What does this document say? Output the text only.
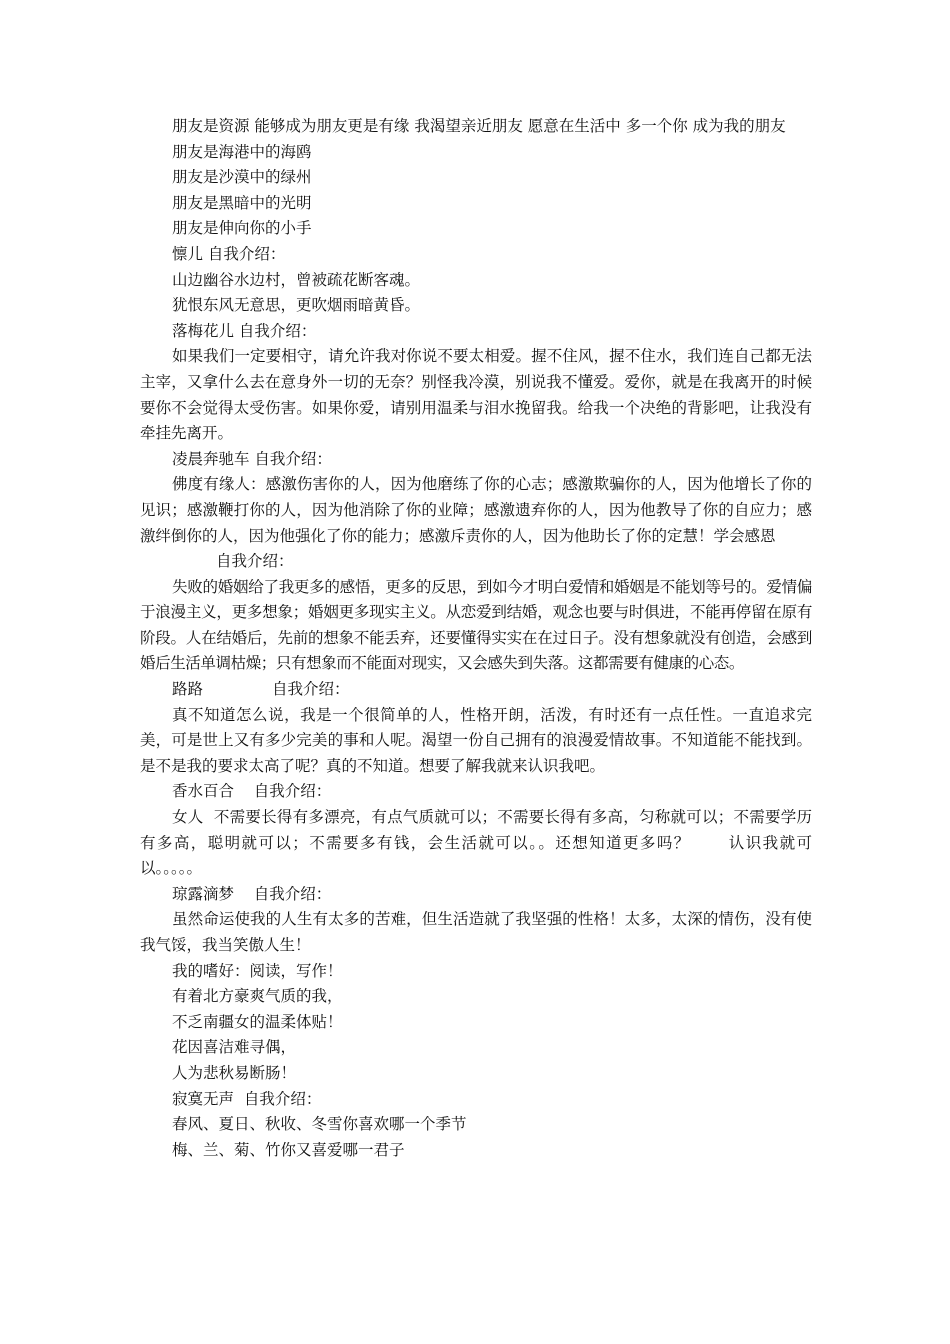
朋友是资源 能够成为朋友更是有缘 我渴望亲近朋友 愿意在生活中 多一个你 成为我的朋友

朋友是海港中的海鸥

朋友是沙漠中的绿州

朋友是黑暗中的光明

朋友是伸向你的小手

懔儿 自我介绍：

山边幽谷水边村，曾被疏花断客魂。

犹恨东风无意思，更吹烟雨暗黄昏。

落梅花儿 自我介绍：

如果我们一定要相守，请允许我对你说不要太相爱。握不住风，握不住水，我们连自己都无法主宰，又拿什么去在意身外一切的无奈？别怪我冷漠，别说我不懂爱。爱你，就是在我离开的时候要你不会觉得太受伤害。如果你爱，请别用温柔与泪水挽留我。给我一个决绝的背影吧，让我没有牵挂先离开。

凌晨奔驰车 自我介绍：

佛度有缘人：感激伤害你的人，因为他磨练了你的心志；感激欺骗你的人，因为他增长了你的见识；感激鞭打你的人，因为他消除了你的业障；感激遗弃你的人，因为他教导了你的自应力；感激绊倒你的人，因为他强化了你的能力；感激斥责你的人，因为他助长了你的定慧！学会感恩

自我介绍：

失败的婚姻给了我更多的感悟，更多的反思，到如今才明白爱情和婚姻是不能划等号的。爱情偏于浪漫主义，更多想象；婚姻更多现实主义。从恋爱到结婚，观念也要与时俱进，不能再停留在原有阶段。人在结婚后，先前的想象不能丢弃，还要懂得实实在在过日子。没有想象就没有创造，会感到婚后生活单调枯燥；只有想象而不能面对现实，又会感失到失落。这都需要有健康的心态。

路路              自我介绍：

真不知道怎么说，我是一个很简单的人，性格开朗，活泼，有时还有一点任性。一直追求完美，可是世上又有多少完美的事和人呢。渴望一份自己拥有的浪漫爱情故事。不知道能不能找到。是不是我的要求太高了呢？真的不知道。想要了解我就来认识我吧。

香水百合    自我介绍：

女人  不需要长得有多漂亮，有点气质就可以；不需要长得有多高，匀称就可以；不需要学历有多高，聪明就可以；不需要多有钱，会生活就可以。。还想知道更多吗？      认识我就可以。。。。。

琼露滴梦    自我介绍：

虽然命运使我的人生有太多的苦难，但生活造就了我坚强的性格！太多，太深的情伤，没有使我气馁，我当笑傲人生！

我的嗜好：阅读，写作！

有着北方豪爽气质的我，

不乏南疆女的温柔体贴！

花因喜洁难寻偶，

人为悲秋易断肠！

寂寞无声  自我介绍：

春风、夏日、秋收、冬雪你喜欢哪一个季节

梅、兰、菊、竹你又喜爱哪一君子
